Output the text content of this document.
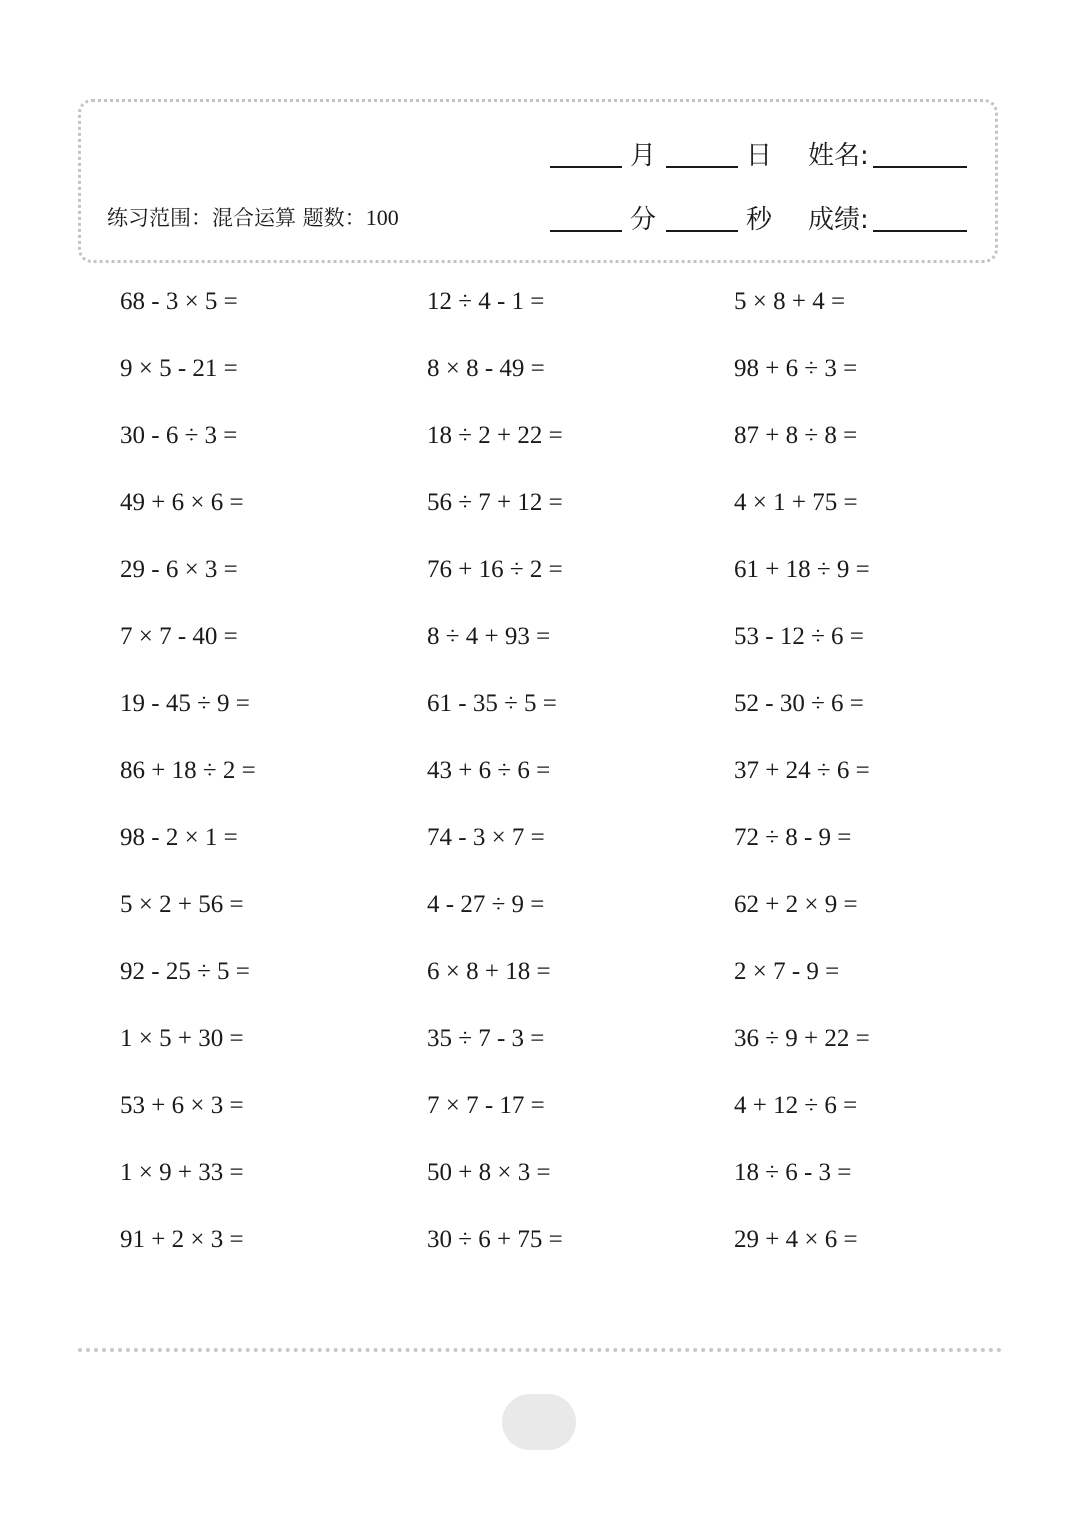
月	日 姓名:
分	秒 成绩:
练习范围：混合运算 题数：100
68 - 3 × 5 =	12 ÷ 4 - 1 =	5 × 8 + 4 =
9 × 5 - 21 =	8 × 8 - 49 =	98 + 6 ÷ 3 =
30 - 6 ÷ 3 =	18 ÷ 2 + 22 =	87 + 8 ÷ 8 =
49 + 6 × 6 =	56 ÷ 7 + 12 =	4 × 1 + 75 =
29 - 6 × 3 =	76 + 16 ÷ 2 =	61 + 18 ÷ 9 =
7 × 7 - 40 =	8 ÷ 4 + 93 =	53 - 12 ÷ 6 =
19 - 45 ÷ 9 =	61 - 35 ÷ 5 =	52 - 30 ÷ 6 =
86 + 18 ÷ 2 =	43 + 6 ÷ 6 =	37 + 24 ÷ 6 =
98 - 2 × 1 =	74 - 3 × 7 =	72 ÷ 8 - 9 =
5 × 2 + 56 =	4 - 27 ÷ 9 =	62 + 2 × 9 =
92 - 25 ÷ 5 =	6 × 8 + 18 =	2 × 7 - 9 =
1 × 5 + 30 =	35 ÷ 7 - 3 =	36 ÷ 9 + 22 =
53 + 6 × 3 =	7 × 7 - 17 =	4 + 12 ÷ 6 =
1 × 9 + 33 =	50 + 8 × 3 =	18 ÷ 6 - 3 =
91 + 2 × 3 =	30 ÷ 6 + 75 =	29 + 4 × 6 =
